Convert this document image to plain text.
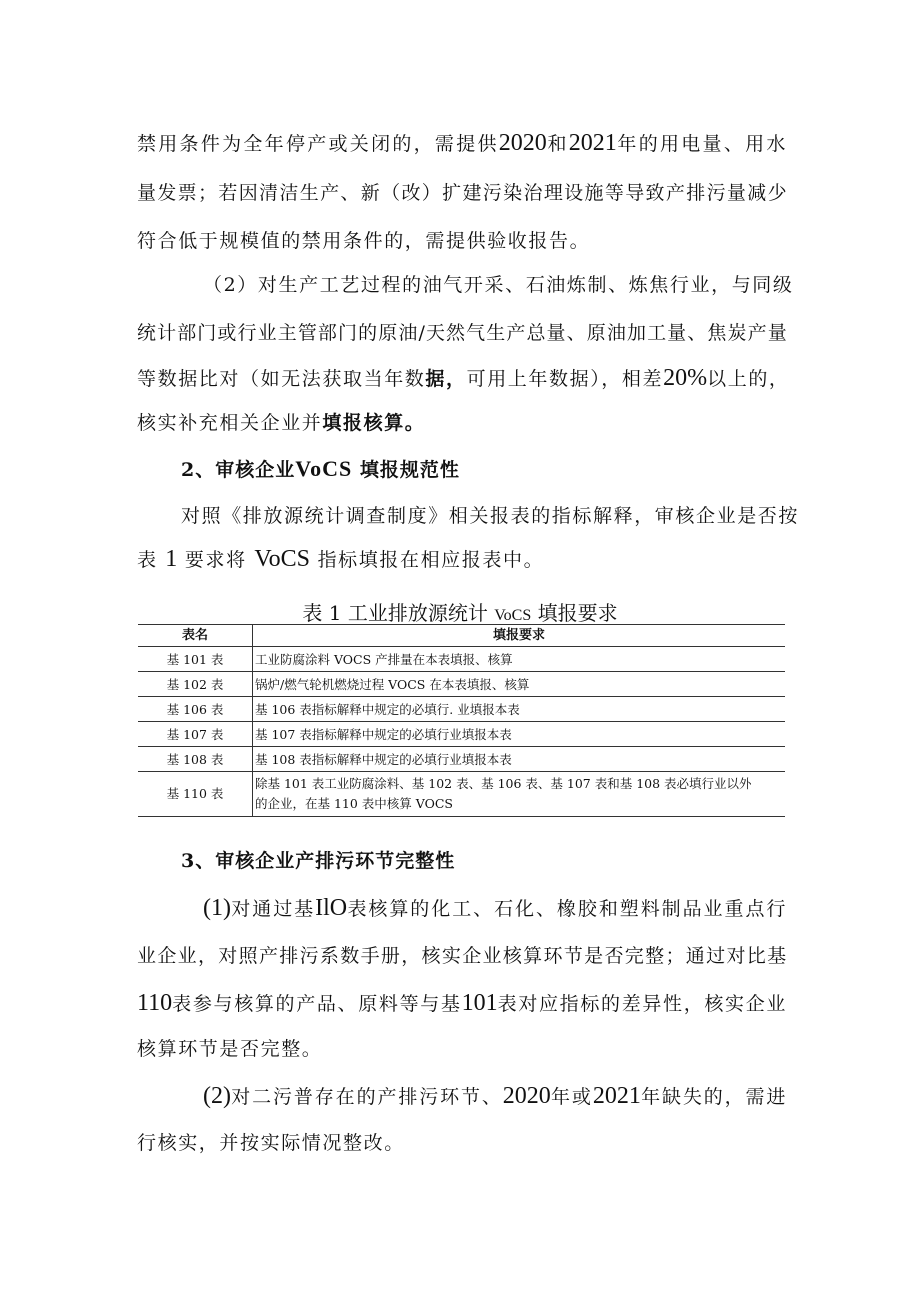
禁用条件为全年停产或关闭的，需提供2020和2021年的用电量、用水
量发票；若因清洁生产、新（改）扩建污染治理设施等导致产排污量减少
符合低于规模值的禁用条件的，需提供验收报告。
（2）对生产工艺过程的油气开采、石油炼制、炼焦行业，与同级
统计部门或行业主管部门的原油/天然气生产总量、原油加工量、焦炭产量
等数据比对（如无法获取当年数据，可用上年数据），相差20%以上的，
核实补充相关企业并填报核算。
2、审核企业VoCS 填报规范性
对照《排放源统计调查制度》相关报表的指标解释，审核企业是否按
表 1 要求将 VoCS 指标填报在相应报表中。
表 1 工业排放源统计 VoCS 填报要求
表名	填报要求
基 101 表	工业防腐涂料 VOCS 产排量在本表填报、核算
基 102 表	锅炉/燃气轮机燃烧过程 VOCS 在本表填报、核算
基 106 表	基 106 表指标解释中规定的必填行. 业填报本表
基 107 表	基 107 表指标解释中规定的必填行业填报本表
基 108 表	基 108 表指标解释中规定的必填行业填报本表
基 110 表	除基 101 表工业防腐涂料、基 102 表、基 106 表、基 107 表和基 108 表必填行业以外
的企业，在基 110 表中核算 VOCS
3、审核企业产排污环节完整性
(1)对通过基IlO表核算的化工、石化、橡胶和塑料制品业重点行
业企业，对照产排污系数手册，核实企业核算环节是否完整；通过对比基
110表参与核算的产品、原料等与基101表对应指标的差异性，核实企业
核算环节是否完整。
(2)对二污普存在的产排污环节、2020年或2021年缺失的，需进
行核实，并按实际情况整改。
